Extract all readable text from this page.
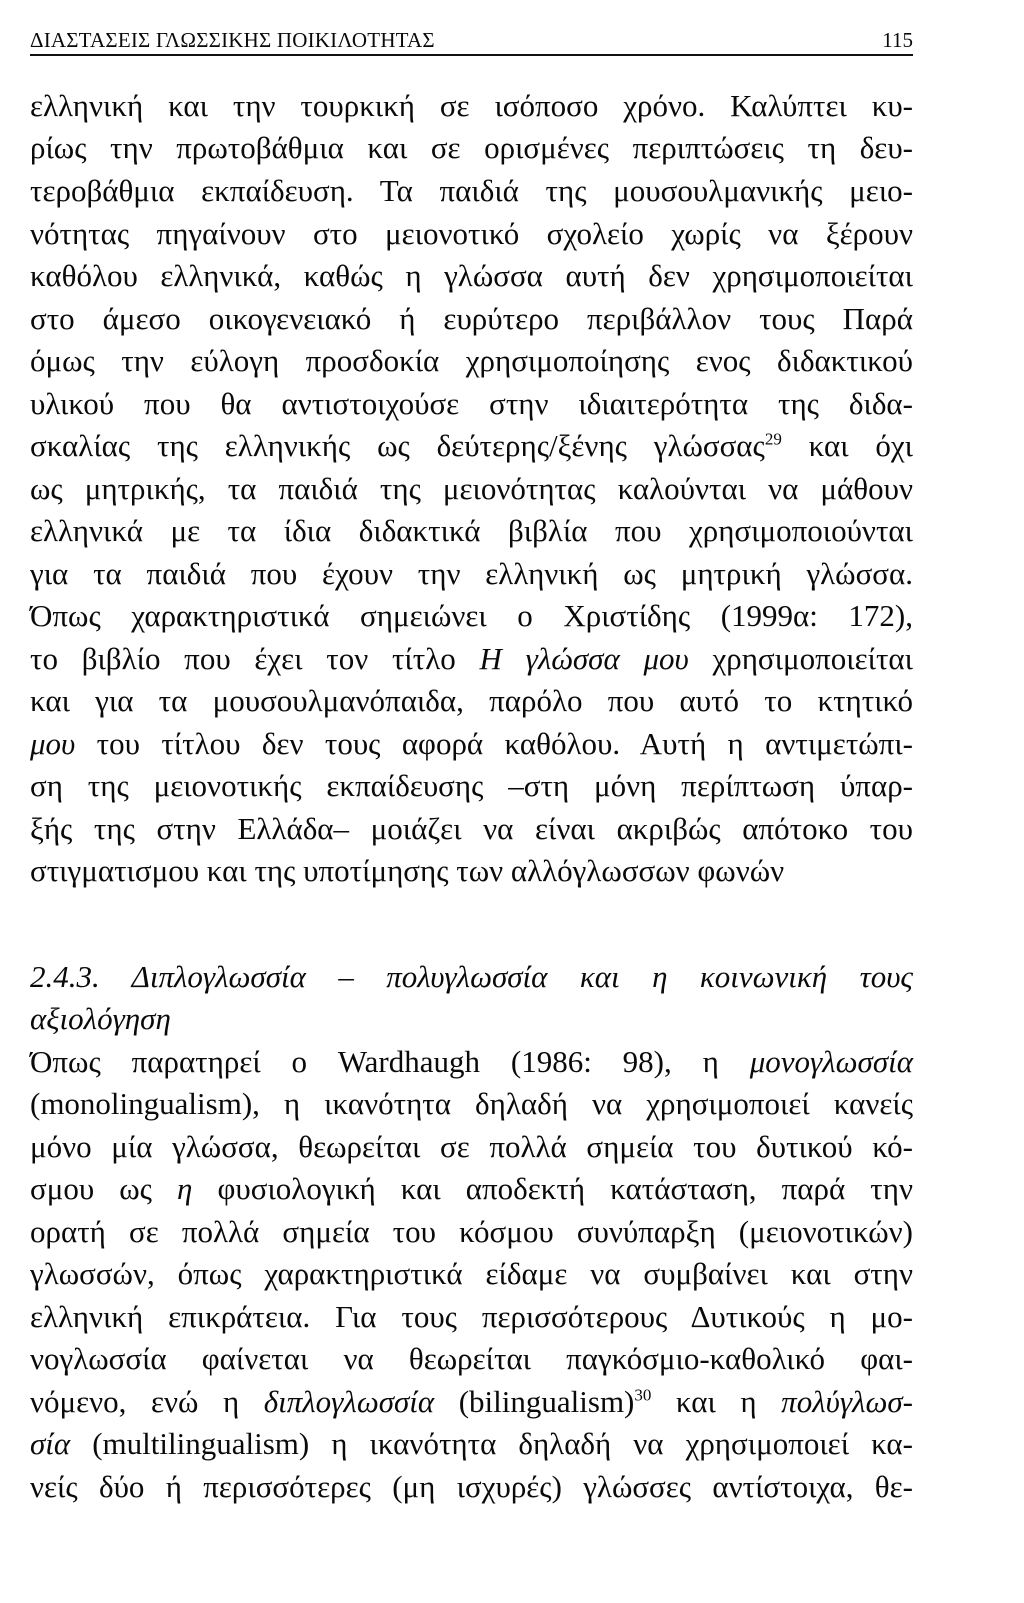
ΔΙΑΣΤΑΣΕΙΣ ΓΛΩΣΣΙΚΗΣ ΠΟΙΚΙΛΟΤΗΤΑΣ	115
ελληνική και την τουρκική σε ισόποσο χρόνο. Καλύπτει κυ-
ρίως την πρωτοβάθμια και σε ορισμένες περιπτώσεις τη δευ-
τεροβάθμια εκπαίδευση. Τα παιδιά της μουσουλμανικής μειο-
νότητας πηγαίνουν στο μειονοτικό σχολείο χωρίς να ξέρουν
καθόλου ελληνικά, καθώς η γλώσσα αυτή δεν χρησιμοποιείται
στο άμεσο οικογενειακό ή ευρύτερο περιβάλλον τους Παρά
όμως την εύλογη προσδοκία χρησιμοποίησης ενος διδακτικού
υλικού που θα αντιστοιχούσε στην ιδιαιτερότητα της διδα-
σκαλίας της ελληνικής ως δεύτερης/ξένης γλώσσας$^{29}$ και όχι
ως μητρικής, τα παιδιά της μειονότητας καλούνται να μάθουν
ελληνικά με τα ίδια διδακτικά βιβλία που χρησιμοποιούνται
για τα παιδιά που έχουν την ελληνική ως μητρική γλώσσα.
Όπως χαρακτηριστικά σημειώνει ο Χριστίδης (1999α: 172),
το βιβλίο που έχει τον τίτλο Η γλώσσα μου χρησιμοποιείται
και για τα μουσουλμανόπαιδα, παρόλο που αυτό το κτητικό
μου του τίτλου δεν τους αφορά καθόλου. Αυτή η αντιμετώπι-
ση της μειονοτικής εκπαίδευσης –στη μόνη περίπτωση ύπαρ-
ξής της στην Ελλάδα– μοιάζει να είναι ακριβώς απότοκο του
στιγματισμου και της υποτίμησης των αλλόγλωσσων φωνών
2.4.3. Διπλογλωσσία – πολυγλωσσία και η κοινωνική τους
αξιολόγηση
Όπως παρατηρεί ο Wardhaugh (1986: 98), η μονογλωσσία
(monolingualism), η ικανότητα δηλαδή να χρησιμοποιεί κανείς
μόνο μία γλώσσα, θεωρείται σε πολλά σημεία του δυτικού κό-
σμου ως η φυσιολογική και αποδεκτή κατάσταση, παρά την
ορατή σε πολλά σημεία του κόσμου συνύπαρξη (μειονοτικών)
γλωσσών, όπως χαρακτηριστικά είδαμε να συμβαίνει και στην
ελληνική επικράτεια. Για τους περισσότερους Δυτικούς η μο-
νογλωσσία φαίνεται να θεωρείται παγκόσμιο-καθολικό φαι-
νόμενο, ενώ η διπλογλωσσία (bilingualism)$^{30}$ και η πολύγλωσ-
σία (multilingualism) η ικανότητα δηλαδή να χρησιμοποιεί κα-
νείς δύο ή περισσότερες (μη ισχυρές) γλώσσες αντίστοιχα, θε-
